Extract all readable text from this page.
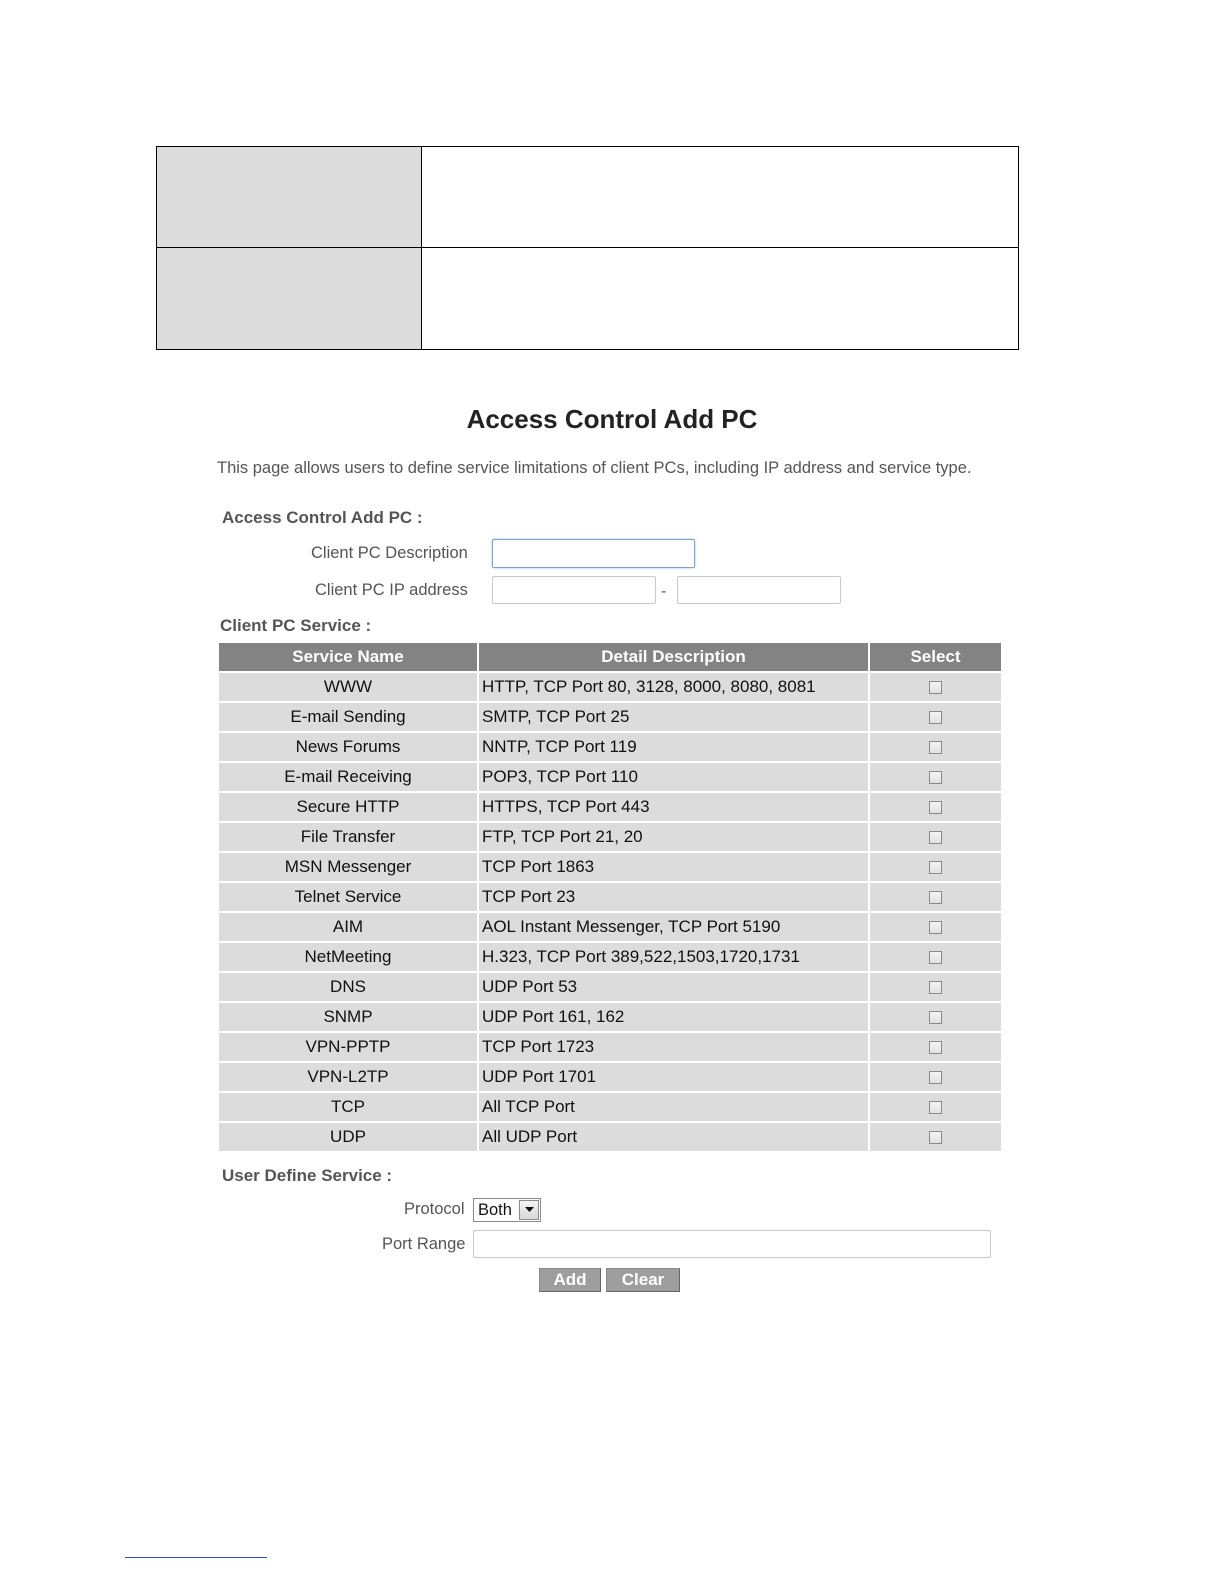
Access Control Add PC
This page allows users to define service limitations of client PCs, including IP address and service type.
Access Control Add PC :
Client PC Description
Client PC IP address	-
Client PC Service :
Service Name	Detail Description	Select
WWW	HTTP, TCP Port 80, 3128, 8000, 8080, 8081	
E-mail Sending	SMTP, TCP Port 25	
News Forums	NNTP, TCP Port 119	
E-mail Receiving	POP3, TCP Port 110	
Secure HTTP	HTTPS, TCP Port 443	
File Transfer	FTP, TCP Port 21, 20	
MSN Messenger	TCP Port 1863	
Telnet Service	TCP Port 23	
AIM	AOL Instant Messenger, TCP Port 5190	
NetMeeting	H.323, TCP Port 389,522,1503,1720,1731	
DNS	UDP Port 53	
SNMP	UDP Port 161, 162	
VPN-PPTP	TCP Port 1723	
VPN-L2TP	UDP Port 1701	
TCP	All TCP Port	
UDP	All UDP Port	
User Define Service :
Protocol Both
Port Range
Add	Clear
